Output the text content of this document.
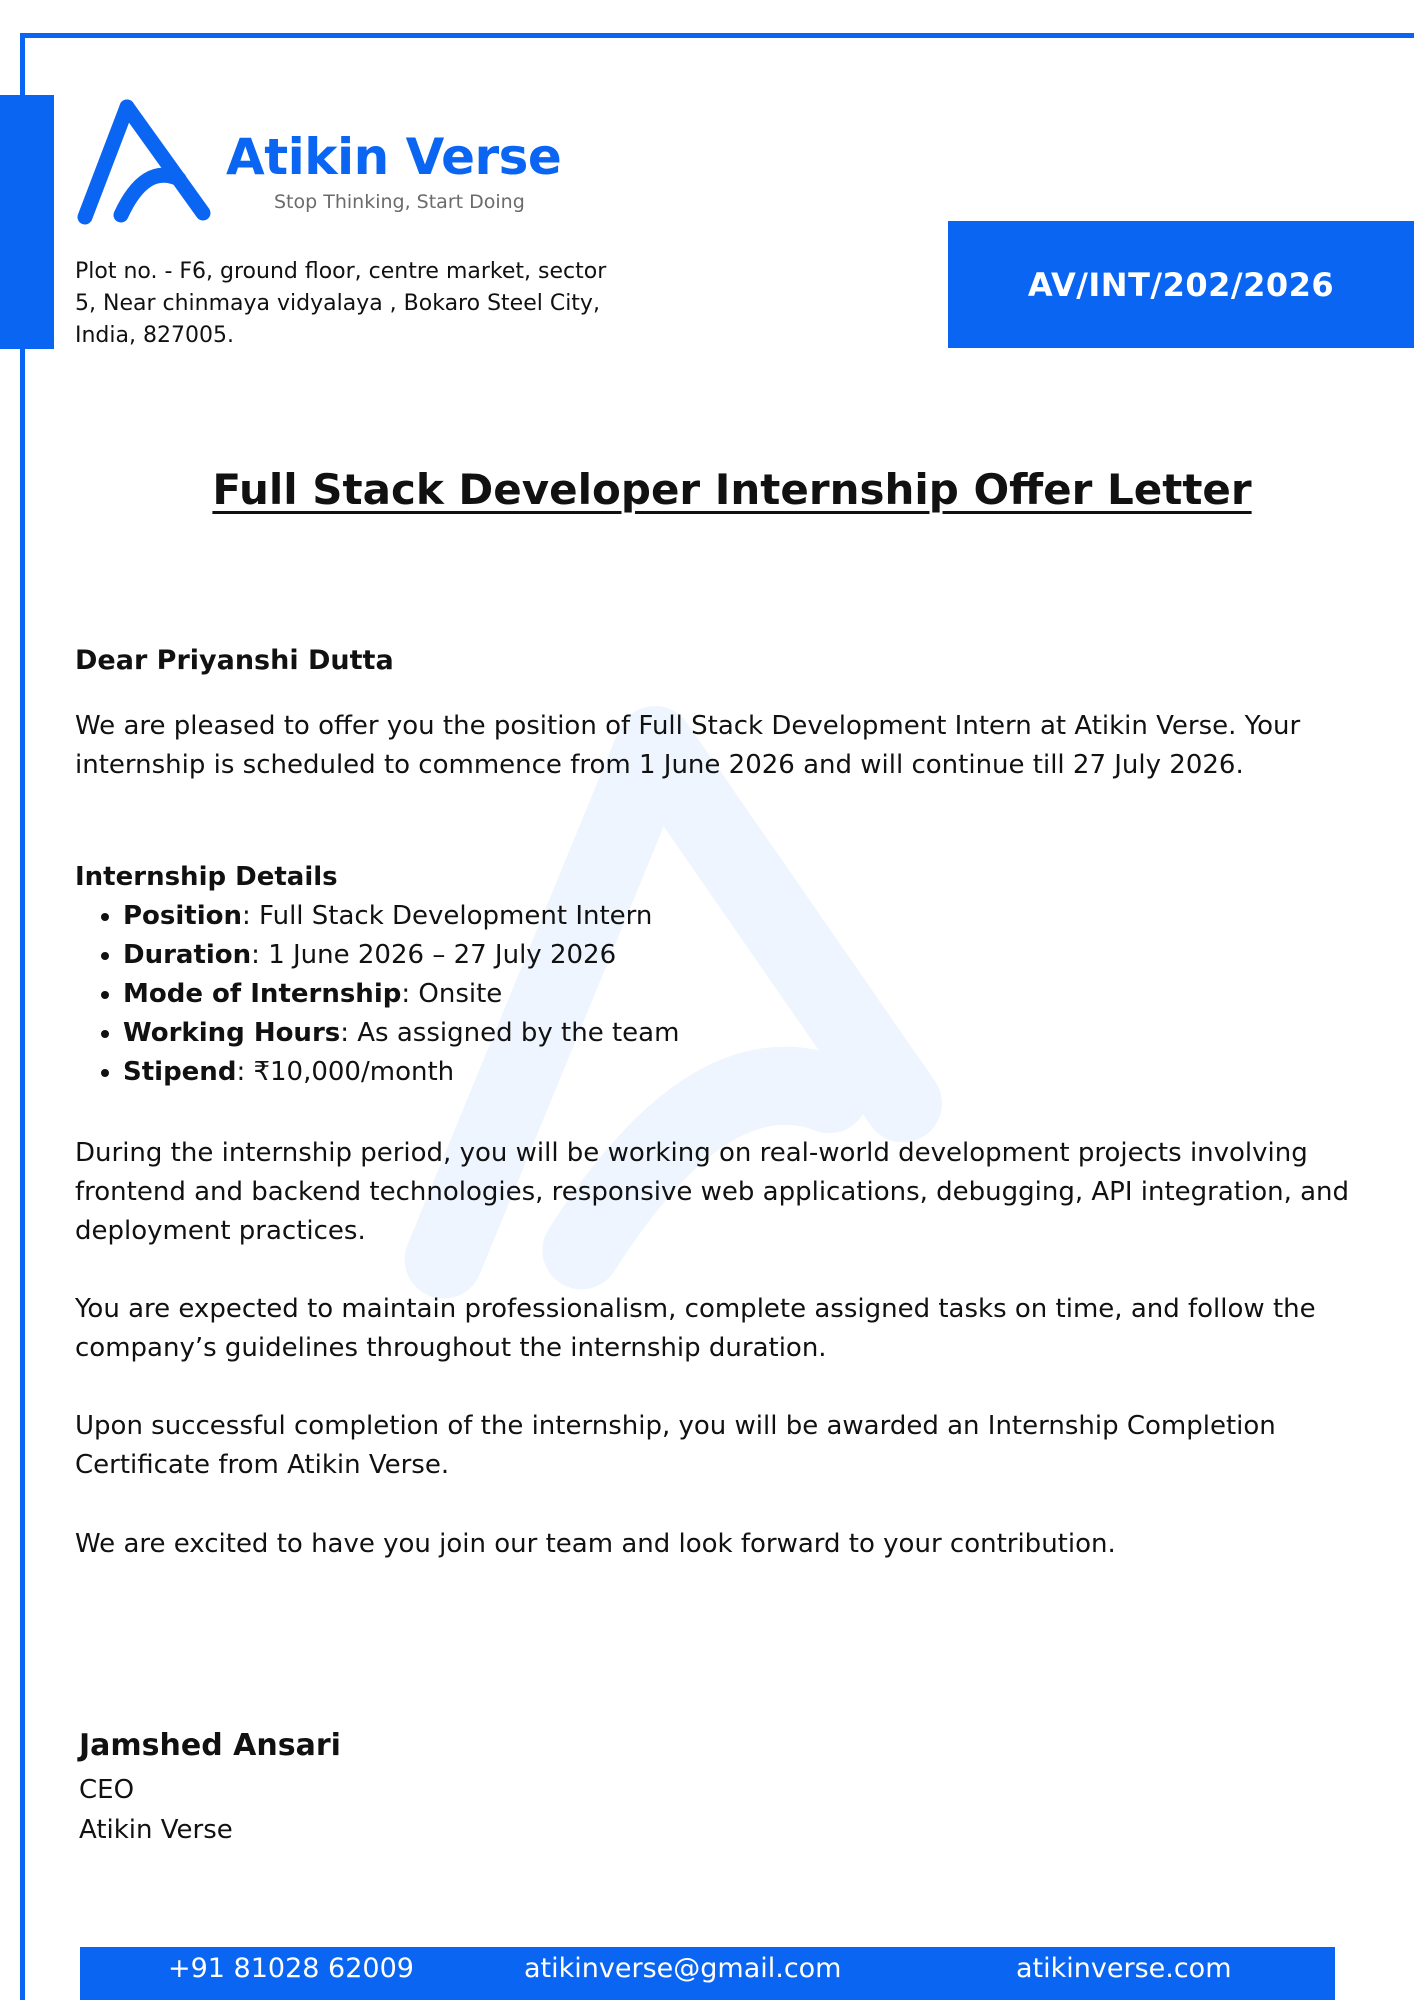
Atikin Verse
Stop Thinking, Start Doing
Plot no. - F6, ground floor, centre market, sector
5, Near chinmaya vidyalaya , Bokaro Steel City,
India, 827005.
AV/INT/202/2026
Full Stack Developer Internship Offer Letter
Dear Priyanshi Dutta
We are pleased to offer you the position of Full Stack Development Intern at Atikin Verse. Your internship is scheduled to commence from 1 June 2026 and will continue till 27 July 2026.
Internship Details
• Position: Full Stack Development Intern
• Duration: 1 June 2026 – 27 July 2026
• Mode of Internship: Onsite
• Working Hours: As assigned by the team
• Stipend: ₹10,000/month
During the internship period, you will be working on real-world development projects involving frontend and backend technologies, responsive web applications, debugging, API integration, and deployment practices.
You are expected to maintain professionalism, complete assigned tasks on time, and follow the company’s guidelines throughout the internship duration.
Upon successful completion of the internship, you will be awarded an Internship Completion Certificate from Atikin Verse.
We are excited to have you join our team and look forward to your contribution.
Jamshed Ansari
CEO
Atikin Verse
+91 81028 62009	atikinverse@gmail.com	atikinverse.com
